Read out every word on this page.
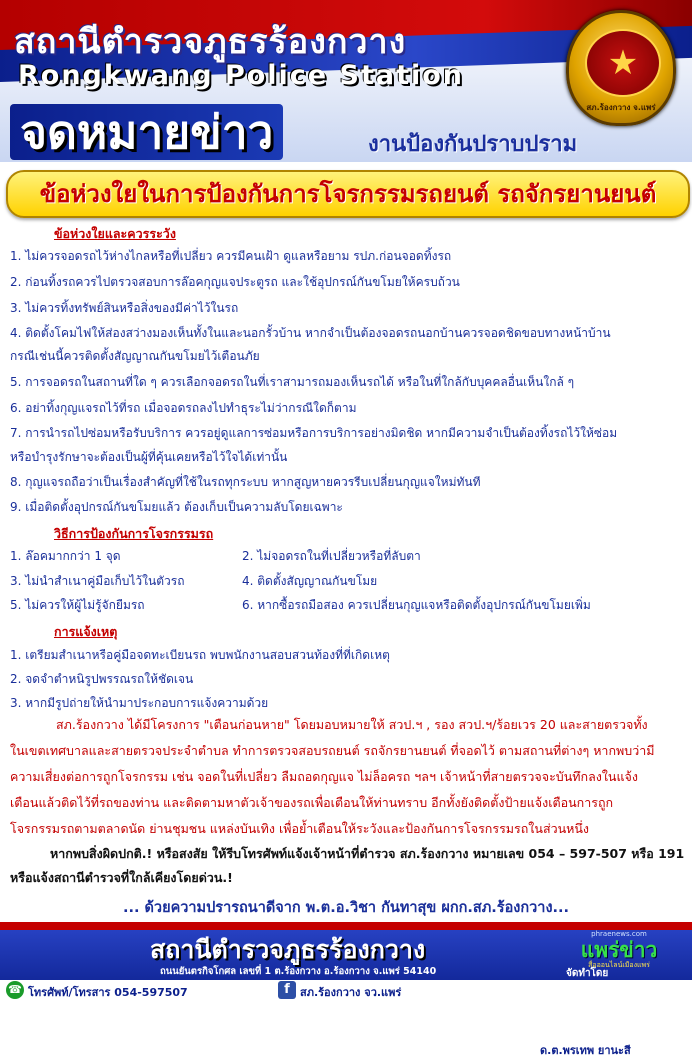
สถานีตำรวจภูธรร้องกวาง
Rongkwang Police Station
จดหมายข่าว	งานป้องกันปราบปราม
★
สภ.ร้องกวาง จ.แพร่
ข้อห่วงใยในการป้องกันการโจรกรรมรถยนต์ รถจักรยานยนต์
ข้อห่วงใยและควรระวัง
1. ไม่ควรจอดรถไว้ห่างไกลหรือที่เปลี่ยว ควรมีคนเฝ้า ดูแลหรือยาม รปภ.ก่อนจอดทิ้งรถ
2. ก่อนทิ้งรถควรไปตรวจสอบการล๊อคกุญแจประตูรถ และใช้อุปกรณ์กันขโมยให้ครบถ้วน
3. ไม่ควรทิ้งทรัพย์สินหรือสิ่งของมีค่าไว้ในรถ
4. ติดตั้งโคมไฟให้ส่องสว่างมองเห็นทั้งในและนอกรั้วบ้าน หากจำเป็นต้องจอดรถนอกบ้านควรจอดชิดขอบทางหน้าบ้าน
กรณีเช่นนี้ควรติดตั้งสัญญาณกันขโมยไว้เตือนภัย
5. การจอดรถในสถานที่ใด ๆ ควรเลือกจอดรถในที่เราสามารถมองเห็นรถได้ หรือในที่ใกล้กับบุคคลอื่นเห็นใกล้ ๆ
6. อย่าทิ้งกุญแจรถไว้ที่รถ เมื่อจอดรถลงไปทำธุระไม่ว่ากรณีใดก็ตาม
7. การนำรถไปซ่อมหรือรับบริการ ควรอยู่ดูแลการซ่อมหรือการบริการอย่างมิดชิด หากมีความจำเป็นต้องทิ้งรถไว้ให้ซ่อม
หรือบำรุงรักษาจะต้องเป็นผู้ที่คุ้นเคยหรือไว้ใจได้เท่านั้น
8. กุญแจรถถือว่าเป็นเรื่องสำคัญที่ใช้ในรถทุกระบบ หากสูญหายควรรีบเปลี่ยนกุญแจใหม่ทันที
9. เมื่อติดตั้งอุปกรณ์กันขโมยแล้ว ต้องเก็บเป็นความลับโดยเฉพาะ
วิธีการป้องกันการโจรกรรมรถ
1. ล๊อคมากกว่า 1 จุด	2. ไม่จอดรถในที่เปลี่ยวหรือที่ลับตา
3. ไม่นำสำเนาคู่มือเก็บไว้ในตัวรถ	4. ติดตั้งสัญญาณกันขโมย
5. ไม่ควรให้ผู้ไม่รู้จักยืมรถ	6. หากซื้อรถมือสอง ควรเปลี่ยนกุญแจหรือติดตั้งอุปกรณ์กันขโมยเพิ่ม
การแจ้งเหตุ
1. เตรียมสำเนาหรือคู่มือจดทะเบียนรถ พบพนักงานสอบสวนท้องที่ที่เกิดเหตุ
2. จดจำตำหนิรูปพรรณรถให้ชัดเจน
3. หากมีรูปถ่ายให้นำมาประกอบการแจ้งความด้วย
สภ.ร้องกวาง ได้มีโครงการ "เตือนก่อนหาย" โดยมอบหมายให้ สวป.ฯ , รอง สวป.ฯ/ร้อยเวร 20 และสายตรวจทั้ง
ในเขตเทศบาลและสายตรวจประจำตำบล ทำการตรวจสอบรถยนต์ รถจักรยานยนต์ ที่จอดไว้ ตามสถานที่ต่างๆ หากพบว่ามี
ความเสี่ยงต่อการถูกโจรกรรม เช่น จอดในที่เปลี่ยว ลืมถอดกุญแจ ไม่ล็อครถ ฯลฯ เจ้าหน้าที่สายตรวจจะบันทึกลงในแจ้ง
เตือนแล้วติดไว้ที่รถของท่าน และติดตามหาตัวเจ้าของรถเพื่อเตือนให้ท่านทราบ อีกทั้งยังติดตั้งป้ายแจ้งเตือนการถูก
โจรกรรมรถตามตลาดนัด ย่านชุมชน แหล่งบันเทิง เพื่อย้ำเตือนให้ระวังและป้องกันการโจรกรรมรถในส่วนหนึ่ง
หากพบสิ่งผิดปกติ.! หรือสงสัย ให้รีบโทรศัพท์แจ้งเจ้าหน้าที่ตำรวจ สภ.ร้องกวาง หมายเลข 054 – 597-507 หรือ 191
หรือแจ้งสถานีตำรวจที่ใกล้เคียงโดยด่วน.!
... ด้วยความปรารถนาดีจาก พ.ต.อ.วิชา กันทาสุข ผกก.สภ.ร้องกวาง...
สถานีตำรวจภูธรร้องกวาง
ถนนยันตรกิจโกศล เลขที่ 1 ต.ร้องกวาง อ.ร้องกวาง จ.แพร่ 54140
phraenews.com
แพร่ข่าว
สื่อออนไลน์เมืองแพร่
จัดทำโดย
☎ โทรศัพท์/โทรสาร 054-597507	f สภ.ร้องกวาง จว.แพร่
ด.ต.พรเทพ ยานะสี
